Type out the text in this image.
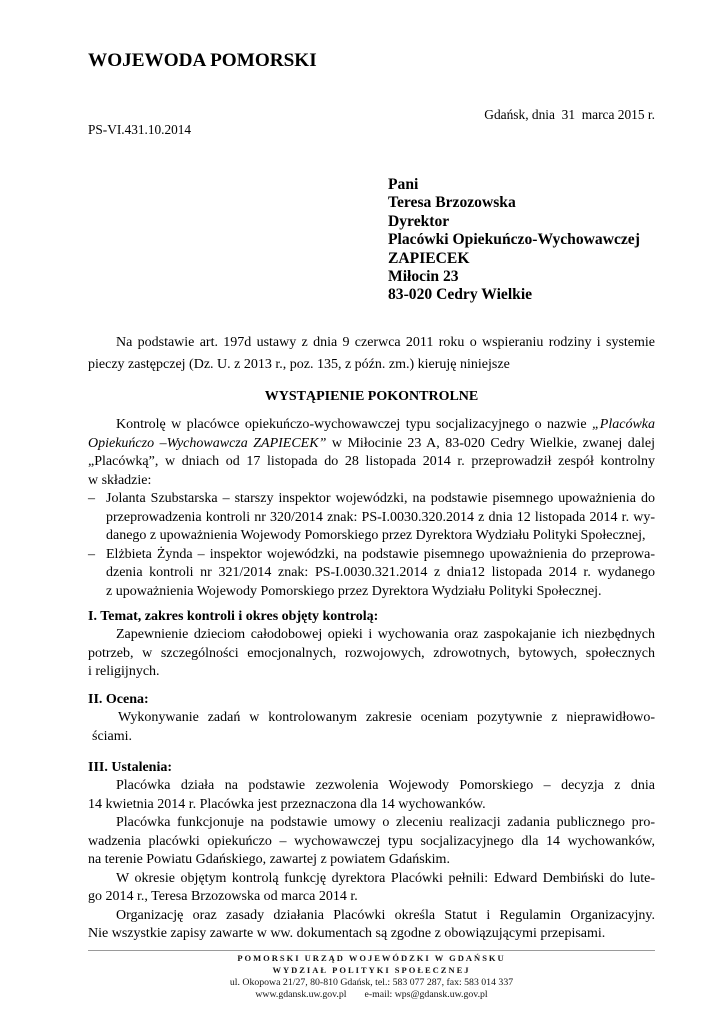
WOJEWODA POMORSKI
Gdańsk, dnia  31  marca 2015 r.
PS-VI.431.10.2014
Pani
Teresa Brzozowska
Dyrektor
Placówki Opiekuńczo-Wychowawczej
ZAPIECEK
Miłocin 23
83-020 Cedry Wielkie
Na podstawie art. 197d ustawy z dnia 9 czerwca 2011 roku o wspieraniu rodziny i systemie
pieczy zastępczej (Dz. U. z 2013 r., poz. 135, z późn. zm.) kieruję niniejsze
WYSTĄPIENIE POKONTROLNE
Kontrolę w placówce opiekuńczo-wychowawczej typu socjalizacyjnego o nazwie „Placówka
Opiekuńczo –Wychowawcza ZAPIECEK” w Miłocinie 23 A, 83-020 Cedry Wielkie, zwanej dalej
„Placówką”, w dniach od 17 listopada do 28 listopada 2014 r. przeprowadził zespół kontrolny
w składzie:
– Jolanta Szubstarska – starszy inspektor wojewódzki, na podstawie pisemnego upoważnienia do
przeprowadzenia kontroli nr 320/2014 znak: PS-I.0030.320.2014 z dnia 12 listopada 2014 r. wy-
danego z upoważnienia Wojewody Pomorskiego przez Dyrektora Wydziału Polityki Społecznej,
– Elżbieta Żynda – inspektor wojewódzki, na podstawie pisemnego upoważnienia do przeprowa-
dzenia kontroli nr 321/2014 znak: PS-I.0030.321.2014 z dnia12 listopada 2014 r. wydanego
z upoważnienia Wojewody Pomorskiego przez Dyrektora Wydziału Polityki Społecznej.
I. Temat, zakres kontroli i okres objęty kontrolą:
Zapewnienie dzieciom całodobowej opieki i wychowania oraz zaspokajanie ich niezbędnych
potrzeb, w szczególności emocjonalnych, rozwojowych, zdrowotnych, bytowych, społecznych
i religijnych.
II. Ocena:
Wykonywanie zadań w kontrolowanym zakresie oceniam pozytywnie z nieprawidłowo-
ściami.
III. Ustalenia:
Placówka działa na podstawie zezwolenia Wojewody Pomorskiego – decyzja z dnia
14 kwietnia 2014 r. Placówka jest przeznaczona dla 14 wychowanków.
Placówka funkcjonuje na podstawie umowy o zleceniu realizacji zadania publicznego pro-
wadzenia placówki opiekuńczo – wychowawczej typu socjalizacyjnego dla 14 wychowanków,
na terenie Powiatu Gdańskiego, zawartej z powiatem Gdańskim.
W okresie objętym kontrolą funkcję dyrektora Placówki pełnili: Edward Dembiński do lute-
go 2014 r., Teresa Brzozowska od marca 2014 r.
Organizację oraz zasady działania Placówki określa Statut i Regulamin Organizacyjny.
Nie wszystkie zapisy zawarte w ww. dokumentach są zgodne z obowiązującymi przepisami.
POMORSKI URZĄD WOJEWÓDZKI W GDAŃSKU
WYDZIAŁ POLITYKI SPOŁECZNEJ
ul. Okopowa 21/27, 80-810 Gdańsk, tel.: 583 077 287, fax: 583 014 337
www.gdansk.uw.gov.pl e-mail: wps@gdansk.uw.gov.pl
